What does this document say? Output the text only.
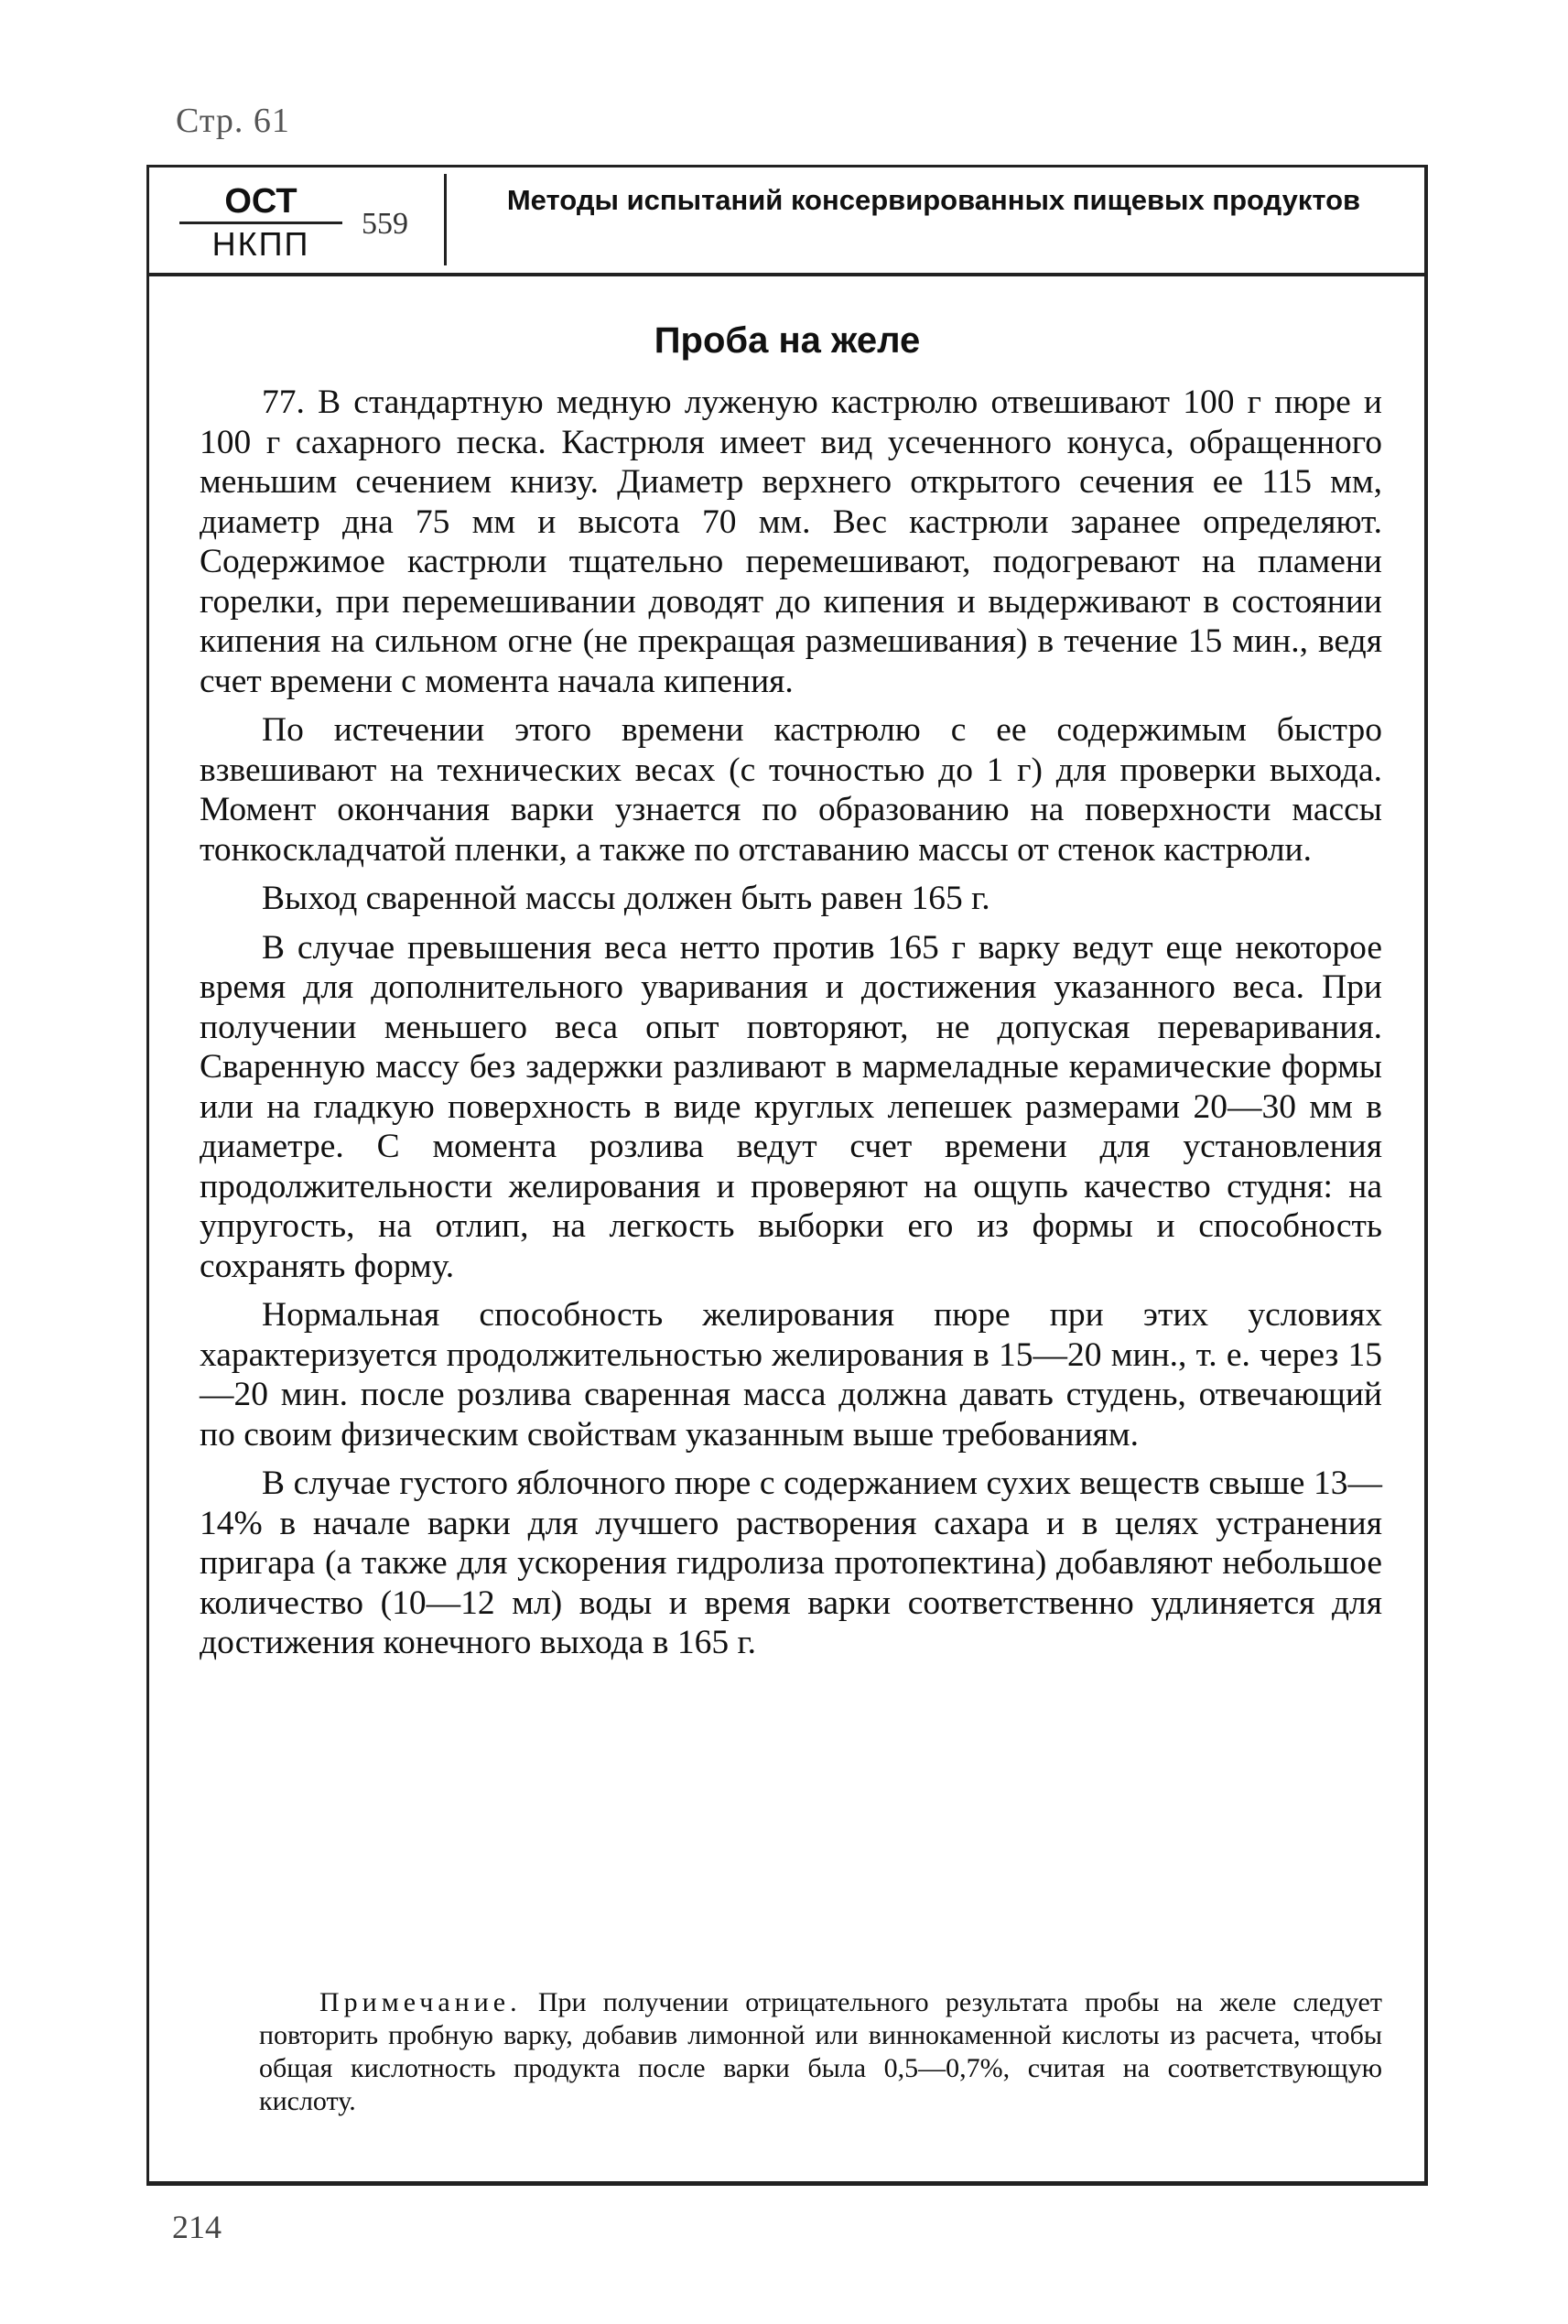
Стр. 61
ОСТ
НКПП
559
Методы испытаний консервированных пищевых продуктов
Проба на желе

77. В стандартную медную луженую кастрюлю отвешивают 100 г пюре и 100 г сахарного песка. Кастрюля имеет вид усеченного конуса, обращенного меньшим сечением книзу. Диаметр верхнего открытого сечения ее 115 мм, диаметр дна 75 мм и высота 70 мм. Вес кастрюли заранее определяют. Содержимое кастрюли тщательно перемешивают, подогревают на пламени горелки, при перемешивании доводят до кипения и выдерживают в состоянии кипения на сильном огне (не прекращая размешивания) в течение 15 мин., ведя счет времени с момента начала кипения.

По истечении этого времени кастрюлю с ее содержимым быстро взвешивают на технических весах (с точностью до 1 г) для проверки выхода. Момент окончания варки узнается по образованию на поверхности массы тонкоскладчатой пленки, а также по отставанию массы от стенок кастрюли.

Выход сваренной массы должен быть равен 165 г.

В случае превышения веса нетто против 165 г варку ведут еще некоторое время для дополнительного уваривания и достижения указанного веса. При получении меньшего веса опыт повторяют, не допуская переваривания. Сваренную массу без задержки разливают в мармеладные керамические формы или на гладкую поверхность в виде круглых лепешек размерами 20—30 мм в диаметре. С момента розлива ведут счет времени для установления продолжительности желирования и проверяют на ощупь качество студня: на упругость, на отлип, на легкость выборки его из формы и способность сохранять форму.

Нормальная способность желирования пюре при этих условиях характеризуется продолжительностью желирования в 15—20 мин., т. е. через 15—20 мин. после розлива сваренная масса должна давать студень, отвечающий по своим физическим свойствам указанным выше требованиям.

В случае густого яблочного пюре с содержанием сухих веществ свыше 13—14% в начале варки для лучшего растворения сахара и в целях устранения пригара (а также для ускорения гидролиза протопектина) добавляют небольшое количество (10—12 мл) воды и время варки соответственно удлиняется для достижения конечного выхода в 165 г.

Примечание. При получении отрицательного результата пробы на желе следует повторить пробную варку, добавив лимонной или виннокаменной кислоты из расчета, чтобы общая кислотность продукта после варки была 0,5—0,7%, считая на соответствующую кислоту.
214
